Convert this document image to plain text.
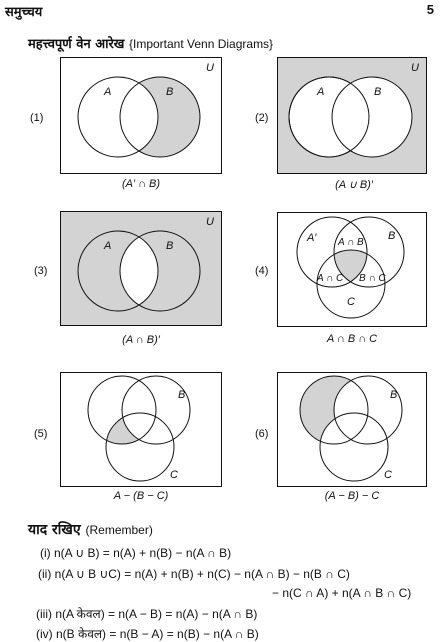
समुच्चय	5
महत्त्वपूर्ण वेन आरेख {Important Venn Diagrams}
(1)
U
A	B
(A′ ∩ B)
(2)
U
A	B
(A ∪ B)′
(3)
U
A	B
(A ∩ B)′
(4)
A′ A ∩ B
B
A ∩ C B ∩ C
C
A ∩ B ∩ C
(5)
B
C
A − (B − C)
(6)
B
C
(A − B) − C
याद रखिए (Remember)
(i) n(A ∪ B) = n(A) + n(B) − n(A ∩ B)
(ii) n(A ∪ B ∪C) = n(A) + n(B) + n(C) − n(A ∩ B) − n(B ∩ C)
− n(C ∩ A) + n(A ∩ B ∩ C)
(iii) n(A केवल) = n(A − B) = n(A) − n(A ∩ B)
(iv) n(B केवल) = n(B − A) = n(B) − n(A ∩ B)
